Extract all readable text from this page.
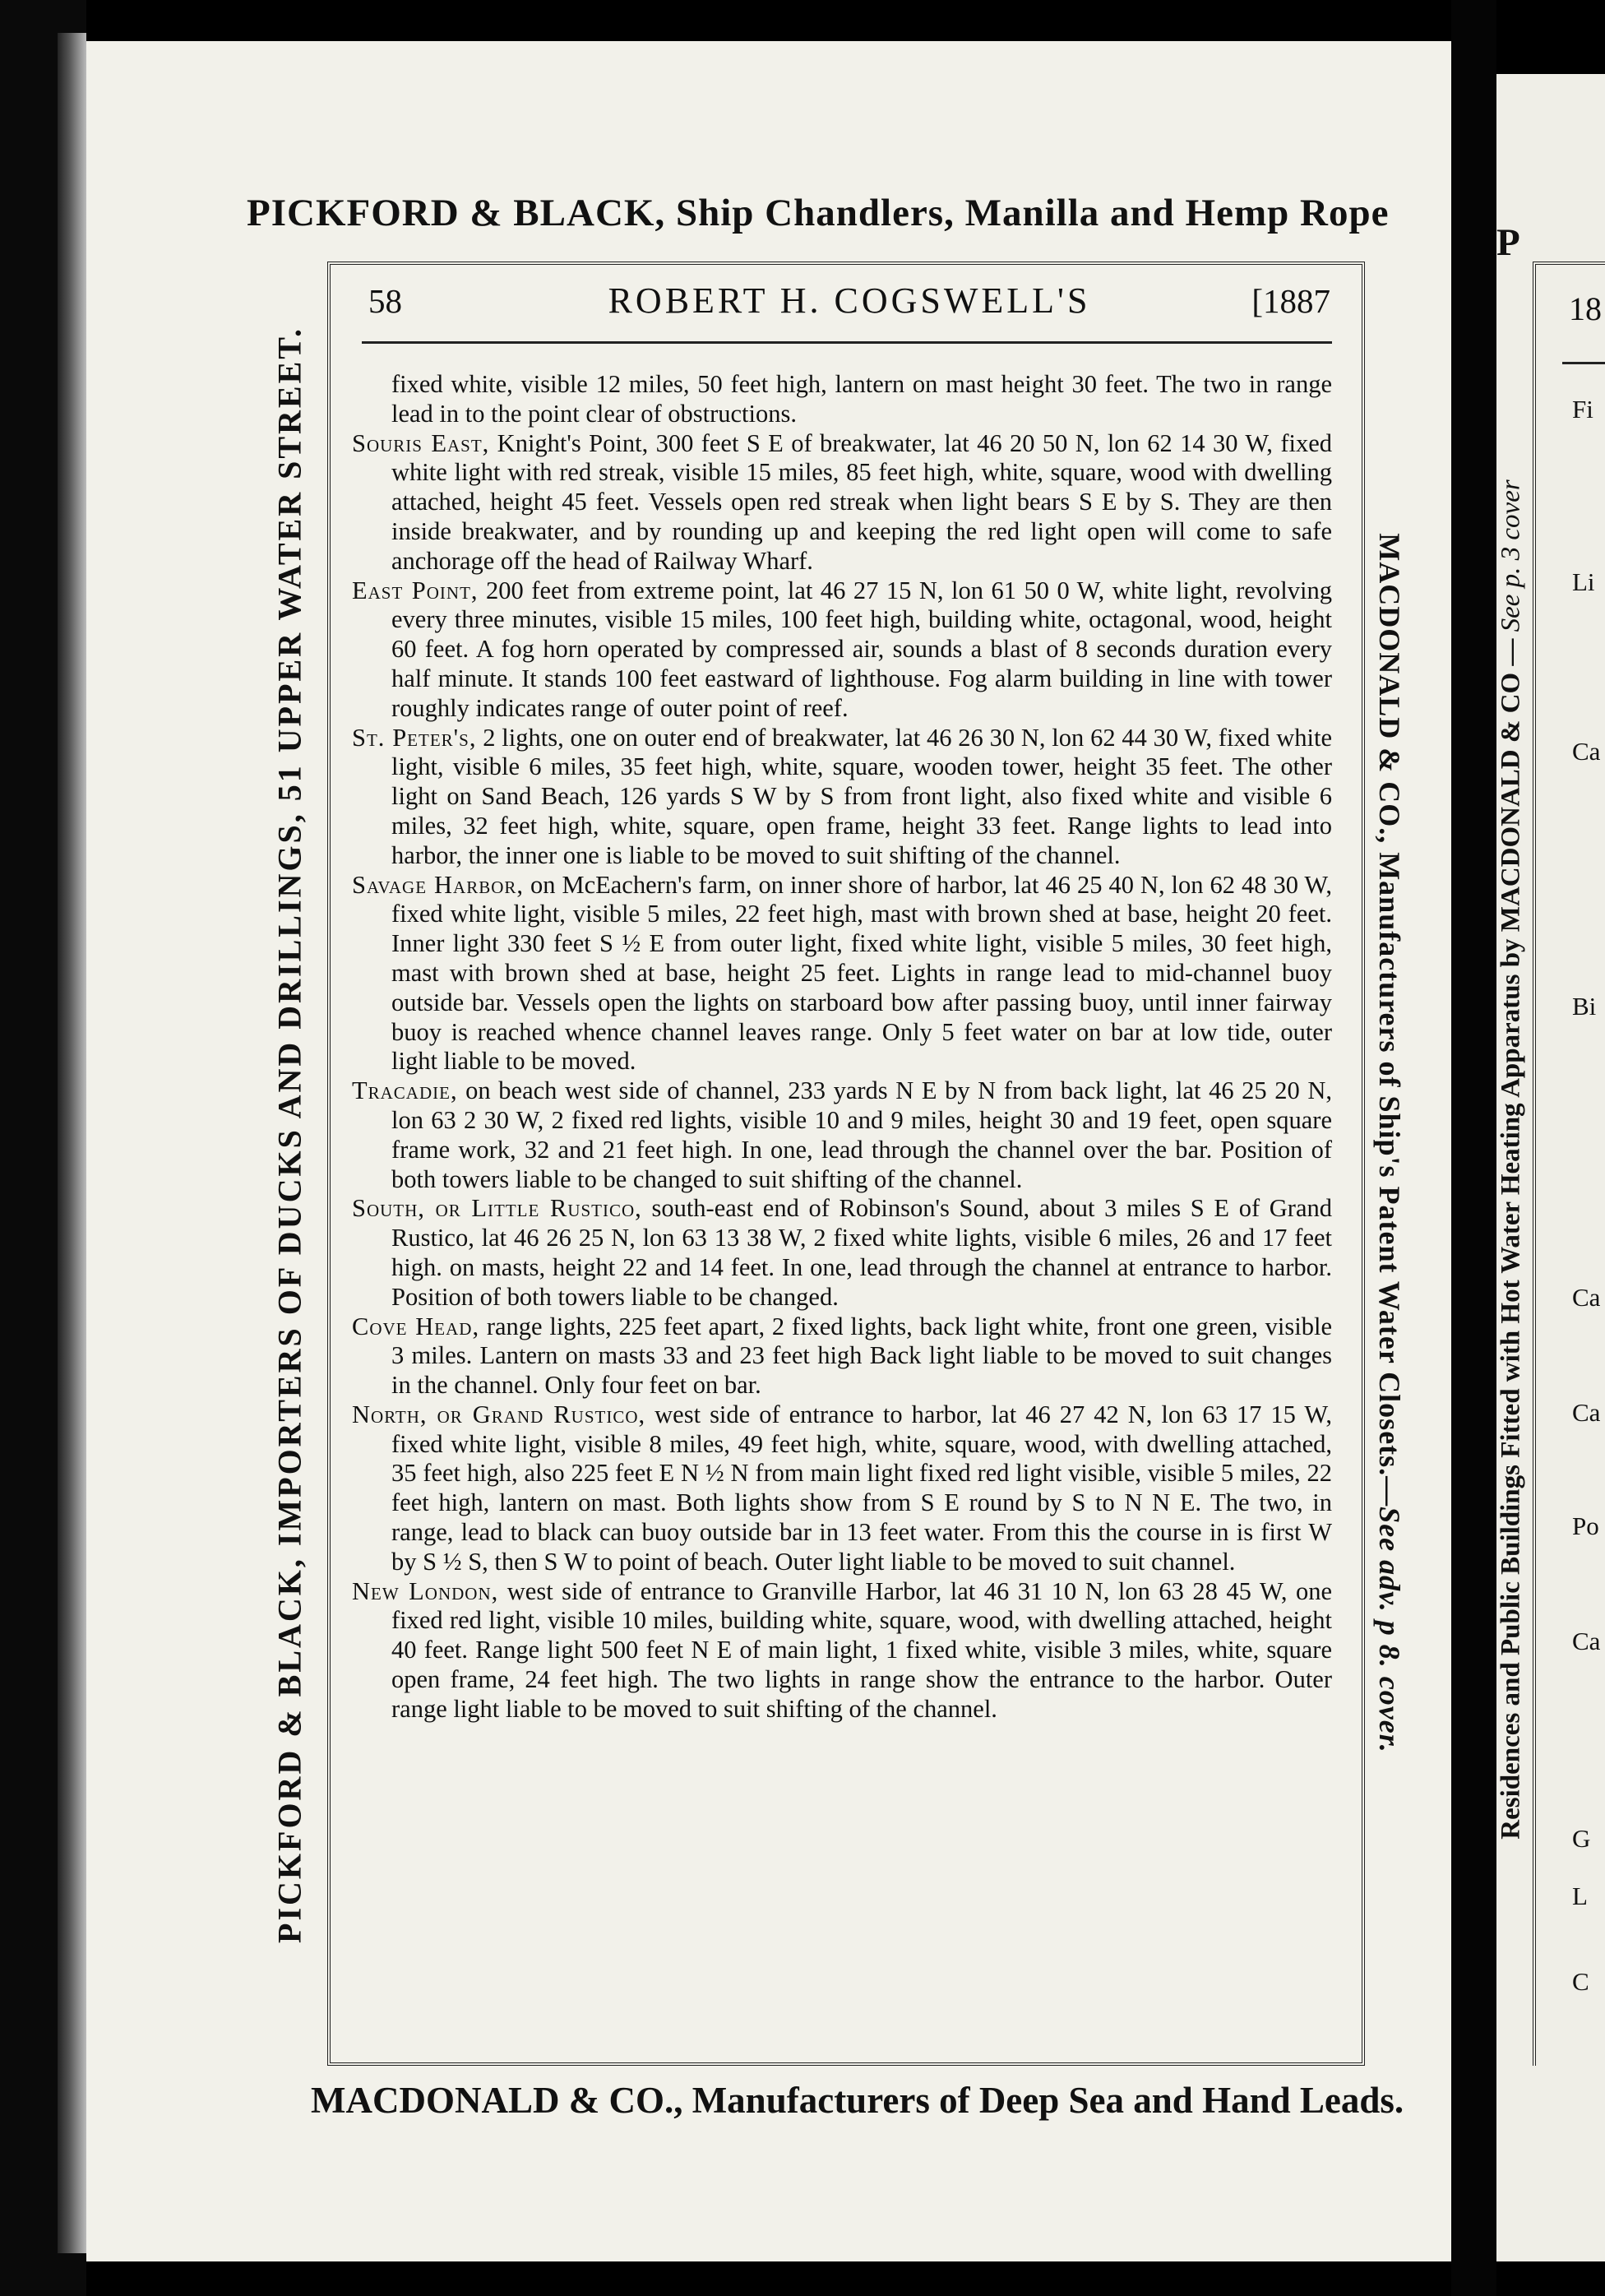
PICKFORD & BLACK, Ship Chandlers, Manilla and Hemp Rope
PICKFORD & BLACK, IMPORTERS OF DUCKS AND DRILLINGS, 51 UPPER WATER STREET.	MACDONALD & CO., Manufacturers of Ship's Patent Water Closets.—See adv. p 8. cover.
58	ROBERT H. COGSWELL'S	[1887

fixed white, visible 12 miles, 50 feet high, lantern on mast height 30 feet. The two in range lead in to the point clear of obstructions.

Souris East, Knight's Point, 300 feet S E of breakwater, lat 46 20 50 N, lon 62 14 30 W, fixed white light with red streak, visible 15 miles, 85 feet high, white, square, wood with dwelling attached, height 45 feet. Vessels open red streak when light bears S E by S. They are then inside breakwater, and by rounding up and keeping the red light open will come to safe anchorage off the head of Railway Wharf.

East Point, 200 feet from extreme point, lat 46 27 15 N, lon 61 50 0 W, white light, revolving every three minutes, visible 15 miles, 100 feet high, building white, octagonal, wood, height 60 feet. A fog horn operated by compressed air, sounds a blast of 8 seconds duration every half minute. It stands 100 feet eastward of lighthouse. Fog alarm building in line with tower roughly indicates range of outer point of reef.

St. Peter's, 2 lights, one on outer end of breakwater, lat 46 26 30 N, lon 62 44 30 W, fixed white light, visible 6 miles, 35 feet high, white, square, wooden tower, height 35 feet. The other light on Sand Beach, 126 yards S W by S from front light, also fixed white and visible 6 miles, 32 feet high, white, square, open frame, height 33 feet. Range lights to lead into harbor, the inner one is liable to be moved to suit shifting of the channel.

Savage Harbor, on McEachern's farm, on inner shore of harbor, lat 46 25 40 N, lon 62 48 30 W, fixed white light, visible 5 miles, 22 feet high, mast with brown shed at base, height 20 feet. Inner light 330 feet S ½ E from outer light, fixed white light, visible 5 miles, 30 feet high, mast with brown shed at base, height 25 feet. Lights in range lead to mid-channel buoy outside bar. Vessels open the lights on starboard bow after passing buoy, until inner fairway buoy is reached whence channel leaves range. Only 5 feet water on bar at low tide, outer light liable to be moved.

Tracadie, on beach west side of channel, 233 yards N E by N from back light, lat 46 25 20 N, lon 63 2 30 W, 2 fixed red lights, visible 10 and 9 miles, height 30 and 19 feet, open square frame work, 32 and 21 feet high. In one, lead through the channel over the bar. Position of both towers liable to be changed to suit shifting of the channel.

South, or Little Rustico, south-east end of Robinson's Sound, about 3 miles S E of Grand Rustico, lat 46 26 25 N, lon 63 13 38 W, 2 fixed white lights, visible 6 miles, 26 and 17 feet high. on masts, height 22 and 14 feet. In one, lead through the channel at entrance to harbor. Position of both towers liable to be changed.

Cove Head, range lights, 225 feet apart, 2 fixed lights, back light white, front one green, visible 3 miles. Lantern on masts 33 and 23 feet high Back light liable to be moved to suit changes in the channel. Only four feet on bar.

North, or Grand Rustico, west side of entrance to harbor, lat 46 27 42 N, lon 63 17 15 W, fixed white light, visible 8 miles, 49 feet high, white, square, wood, with dwelling attached, 35 feet high, also 225 feet E N ½ N from main light fixed red light visible, visible 5 miles, 22 feet high, lantern on mast. Both lights show from S E round by S to N N E. The two, in range, lead to black can buoy outside bar in 13 feet water. From this the course in is first W by S ½ S, then S W to point of beach. Outer light liable to be moved to suit channel.

New London, west side of entrance to Granville Harbor, lat 46 31 10 N, lon 63 28 45 W, one fixed red light, visible 10 miles, building white, square, wood, with dwelling attached, height 40 feet. Range light 500 feet N E of main light, 1 fixed white, visible 3 miles, white, square open frame, 24 feet high. The two lights in range show the entrance to the harbor. Outer range light liable to be moved to suit shifting of the channel.

MACDONALD & CO., Manufacturers of Deep Sea and Hand Leads.
P
18
Residences and Public Buildings Fitted with Hot Water Heating Apparatus by MACDONALD & CO — See p. 3 cover
Fi
Li
Ca
Bi
Ca
Ca
Po
Ca
G
L
C
